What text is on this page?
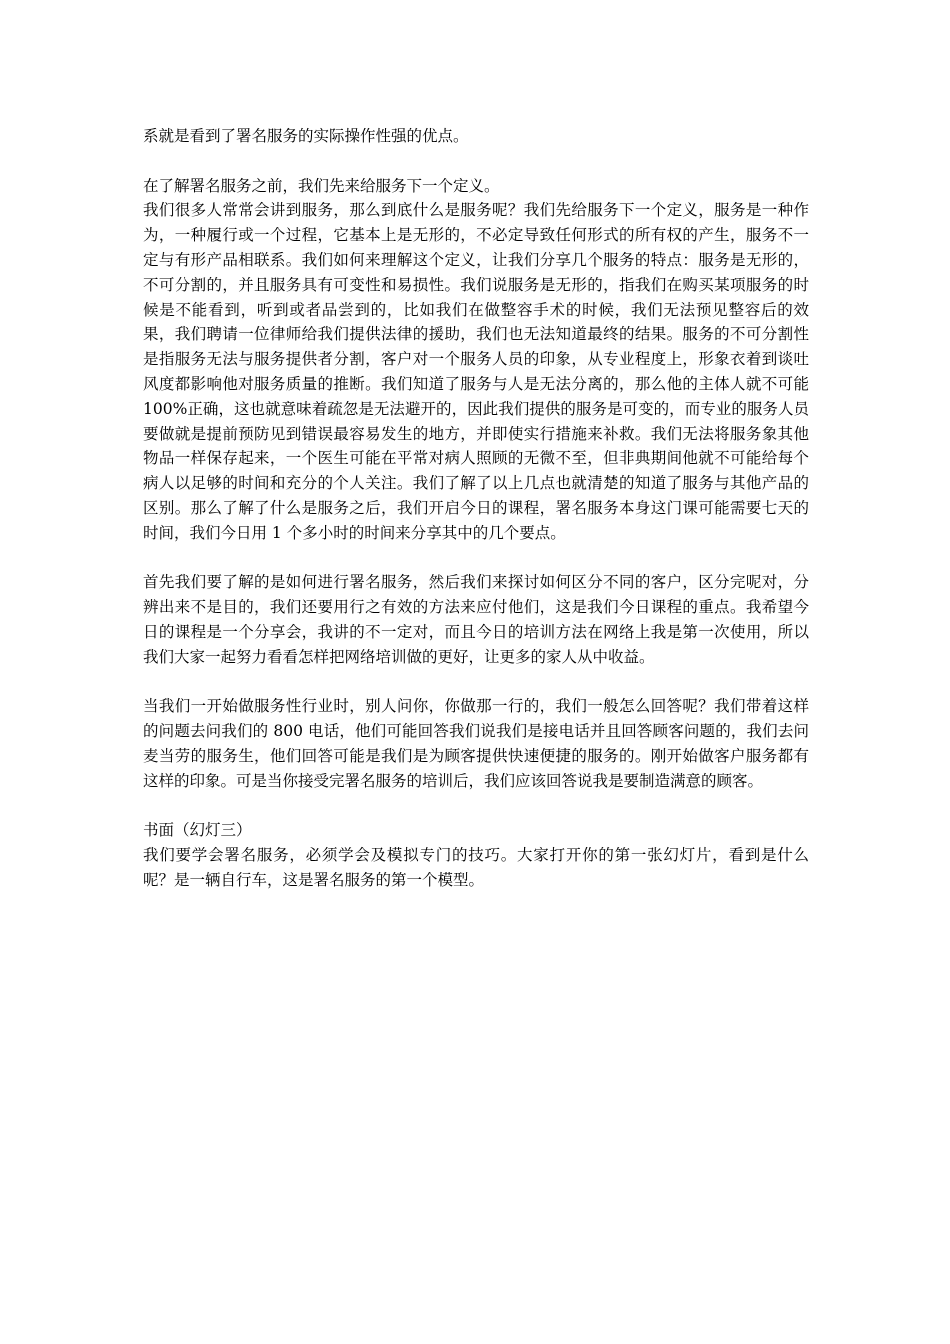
系就是看到了署名服务的实际操作性强的优点。

在了解署名服务之前，我们先来给服务下一个定义。

我们很多人常常会讲到服务，那么到底什么是服务呢？我们先给服务下一个定义，服务是一种作为，一种履行或一个过程，它基本上是无形的，不必定导致任何形式的所有权的产生，服务不一定与有形产品相联系。我们如何来理解这个定义，让我们分享几个服务的特点：服务是无形的，不可分割的，并且服务具有可变性和易损性。我们说服务是无形的，指我们在购买某项服务的时候是不能看到，听到或者品尝到的，比如我们在做整容手术的时候，我们无法预见整容后的效果，我们聘请一位律师给我们提供法律的援助，我们也无法知道最终的结果。服务的不可分割性是指服务无法与服务提供者分割，客户对一个服务人员的印象，从专业程度上，形象衣着到谈吐风度都影响他对服务质量的推断。我们知道了服务与人是无法分离的，那么他的主体人就不可能 100%正确，这也就意味着疏忽是无法避开的，因此我们提供的服务是可变的，而专业的服务人员要做就是提前预防见到错误最容易发生的地方，并即使实行措施来补救。我们无法将服务象其他物品一样保存起来，一个医生可能在平常对病人照顾的无微不至，但非典期间他就不可能给每个病人以足够的时间和充分的个人关注。我们了解了以上几点也就清楚的知道了服务与其他产品的区别。那么了解了什么是服务之后，我们开启今日的课程，署名服务本身这门课可能需要七天的时间，我们今日用 1 个多小时的时间来分享其中的几个要点。

首先我们要了解的是如何进行署名服务，然后我们来探讨如何区分不同的客户，区分完呢对，分辨出来不是目的，我们还要用行之有效的方法来应付他们，这是我们今日课程的重点。我希望今日的课程是一个分享会，我讲的不一定对，而且今日的培训方法在网络上我是第一次使用，所以我们大家一起努力看看怎样把网络培训做的更好，让更多的家人从中收益。

当我们一开始做服务性行业时，别人问你，你做那一行的，我们一般怎么回答呢？我们带着这样的问题去问我们的 800 电话，他们可能回答我们说我们是接电话并且回答顾客问题的，我们去问麦当劳的服务生，他们回答可能是我们是为顾客提供快速便捷的服务的。刚开始做客户服务都有这样的印象。可是当你接受完署名服务的培训后，我们应该回答说我是要制造满意的顾客。

书面（幻灯三）

我们要学会署名服务，必须学会及模拟专门的技巧。大家打开你的第一张幻灯片，看到是什么呢？是一辆自行车，这是署名服务的第一个模型。
